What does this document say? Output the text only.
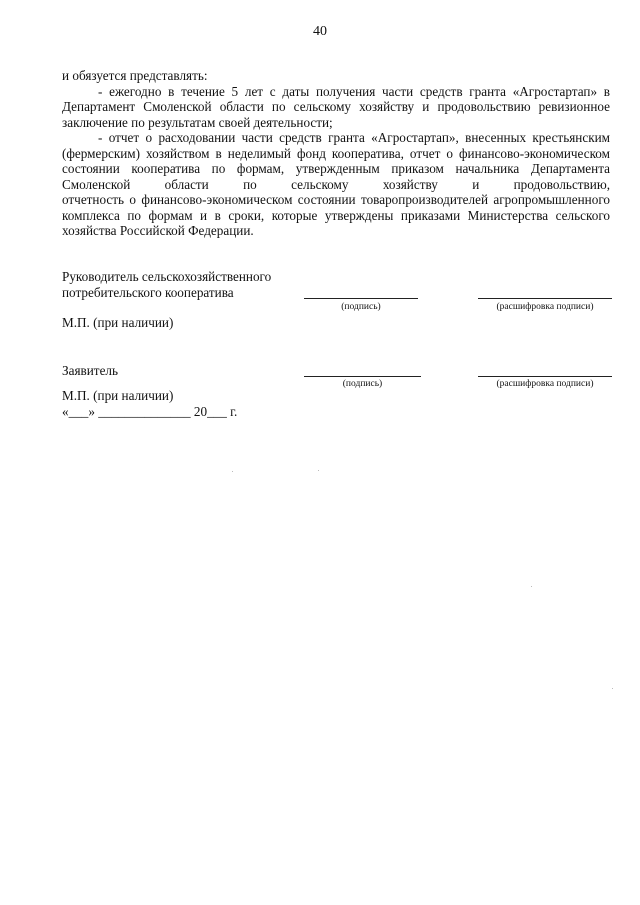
40
и обязуется представлять:
- ежегодно в течение 5 лет с даты получения части средств гранта «Агростартап» в Департамент Смоленской области по сельскому хозяйству и продовольствию ревизионное заключение по результатам своей деятельности;
- отчет о расходовании части средств гранта «Агростартап», внесенных крестьянским (фермерским) хозяйством в неделимый фонд кооператива, отчет о финансово-экономическом состоянии кооператива по формам, утвержденным приказом начальника Департамента Смоленской области по сельскому хозяйству и продовольствию,
отчетность о финансово-экономическом состоянии товаропроизводителей агропромышленного комплекса по формам и в сроки, которые утверждены приказами Министерства сельского хозяйства Российской Федерации.
Руководитель сельскохозяйственного
потребительского кооператива
(подпись)	(расшифровка подписи)
М.П. (при наличии)
Заявитель
(подпись)	(расшифровка подписи)
М.П. (при наличии)
«___» ______________ 20___ г.
